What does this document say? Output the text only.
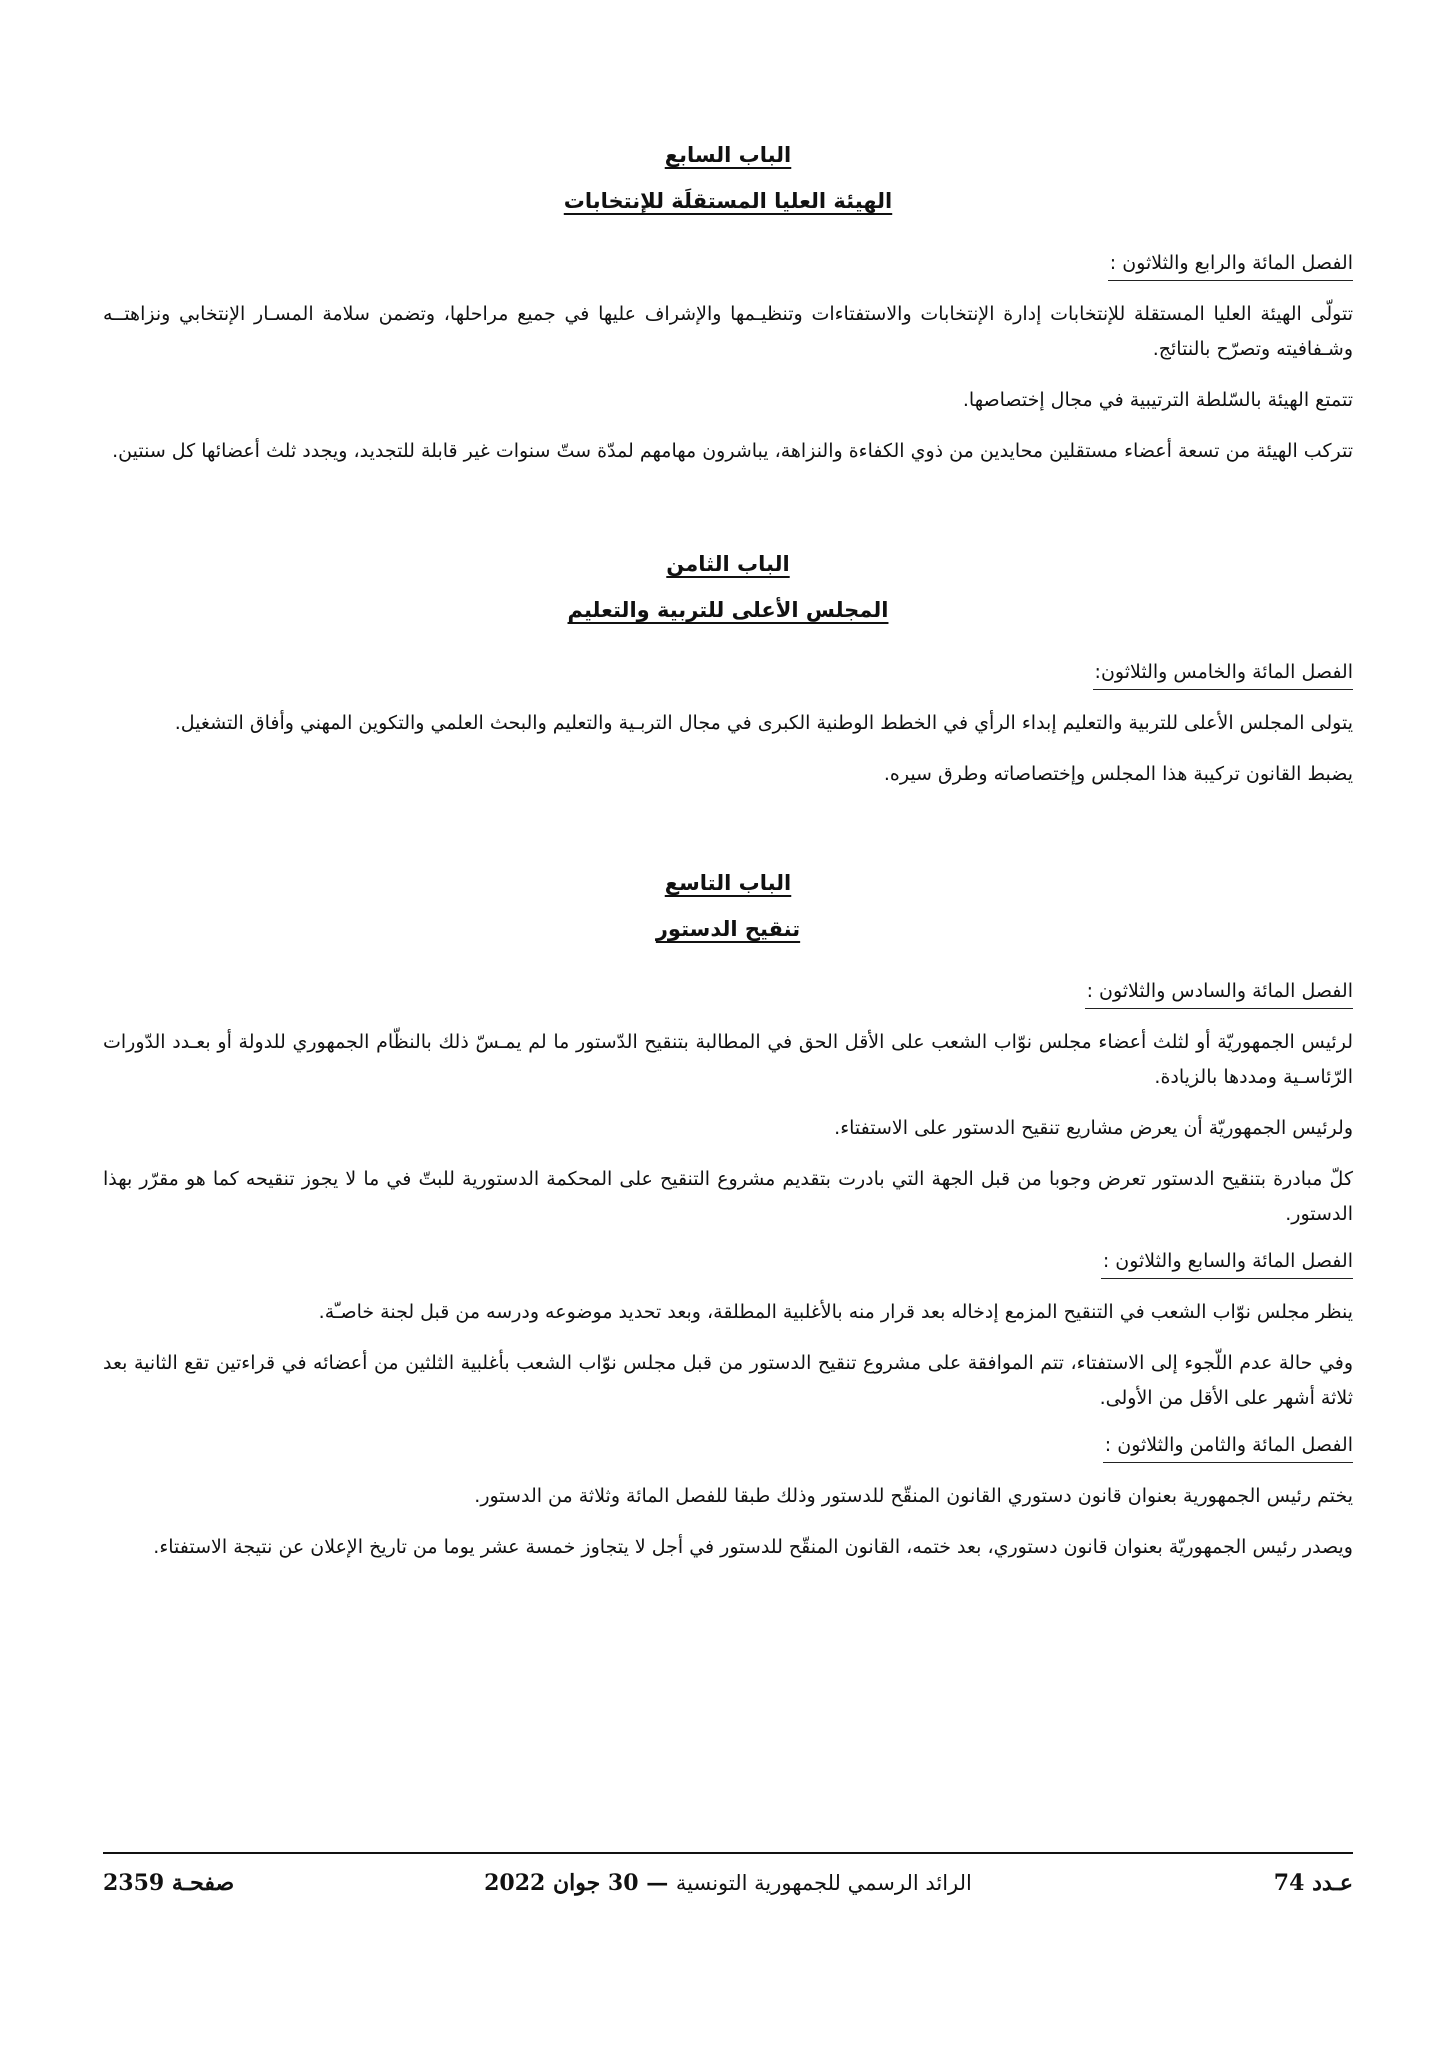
الباب السابع
الهيئة العليا المستقلَة للإنتخابات
الفصل المائة والرابع والثلاثون :

تتولّى الهيئة العليا المستقلة للإنتخابات إدارة الإنتخابات والاستفتاءات وتنظيـمها والإشراف عليها في جميع مراحلها، وتضمن سلامة المسـار الإنتخابي ونزاهتــه وشـفافيته وتصرّح بالنتائج.

تتمتع الهيئة بالسّلطة الترتيبية في مجال إختصاصها.

تتركب الهيئة من تسعة أعضاء مستقلين محايدين من ذوي الكفاءة والنزاهة، يباشرون مهامهم لمدّة ستّ سنوات غير قابلة للتجديد، ويجدد ثلث أعضائها كل سنتين.

الباب الثامن
المجلس الأعلى للتربية والتعليم
الفصل المائة والخامس والثلاثون:

يتولى المجلس الأعلى للتربية والتعليم إبداء الرأي في الخطط الوطنية الكبرى في مجال التربـية والتعليم والبحث العلمي والتكوين المهني وأفاق التشغيل.

يضبط القانون تركيبة هذا المجلس وإختصاصاته وطرق سيره.

الباب التاسع
تنقيح الدستور
الفصل المائة والسادس والثلاثون :

لرئيس الجمهوريّة أو لثلث أعضاء مجلس نوّاب الشعب على الأقل الحق في المطالبة بتنقيح الدّستور ما لم يمـسّ ذلك بالنظّام الجمهوري للدولة أو بعـدد الدّورات الرّئاسـية ومددها بالزيادة.

ولرئيس الجمهوريّة أن يعرض مشاريع تنقيح الدستور على الاستفتاء.

كلّ مبادرة بتنقيح الدستور تعرض وجوبا من قبل الجهة التي بادرت بتقديم مشروع التنقيح على المحكمة الدستورية للبتّ في ما لا يجوز تنقيحه كما هو مقرّر بهذا الدستور.

الفصل المائة والسابع والثلاثون :

ينظر مجلس نوّاب الشعب في التنقيح المزمع إدخاله بعد قرار منه بالأغلبية المطلقة، وبعد تحديد موضوعه ودرسه من قبل لجنة خاصـّة.

وفي حالة عدم اللّجوء إلى الاستفتاء، تتم الموافقة على مشروع تنقيح الدستور من قبل مجلس نوّاب الشعب بأغلبية الثلثين من أعضائه في قراءتين تقع الثانية بعد ثلاثة أشهر على الأقل من الأولى.

الفصل المائة والثامن والثلاثون :

يختم رئيس الجمهورية بعنوان قانون دستوري القانون المنقّح للدستور وذلك طبقا للفصل المائة وثلاثة من الدستور.

ويصدر رئيس الجمهوريّة بعنوان قانون دستوري، بعد ختمه، القانون المنقّح للدستور في أجل لا يتجاوز خمسة عشر يوما من تاريخ الإعلان عن نتيجة الاستفتاء.

عـدد 74
الرائد الرسمي للجمهورية التونسية — 30 جوان 2022
صفحـة 2359
